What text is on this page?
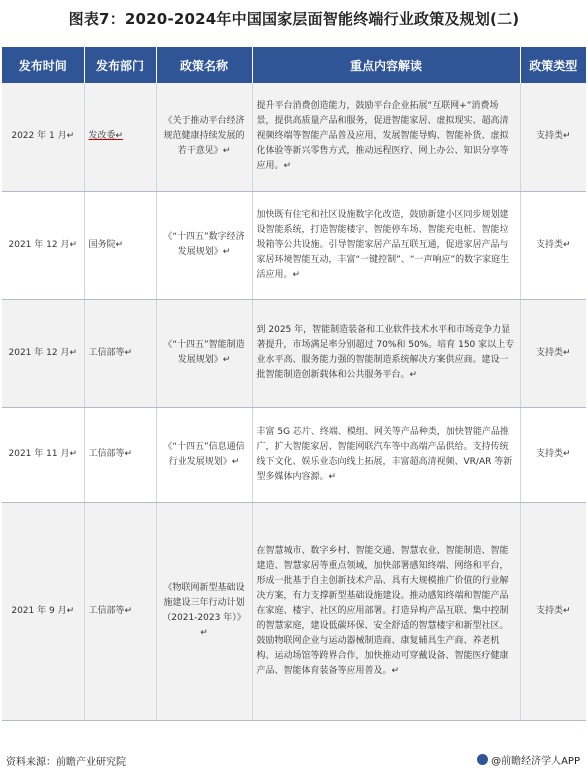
图表7：2020-2024年中国国家层面智能终端行业政策及规划(二)
发布时间	发布部门	政策名称	重点内容解读	政策类型
2022 年 1 月↵	发改委↵	《关于推动平台经济规范健康持续发展的若干意见》↵	提升平台消费创造能力，鼓励平台企业拓展“互联网+”消费场景，提供高质量产品和服务，促进智能家居、虚拟现实、超高清视频终端等智能产品普及应用，发展智能导购、智能补货、虚拟化体验等新兴零售方式，推动远程医疗、网上办公、知识分享等应用。↵	支持类↵
2021 年 12 月↵	国务院↵	《“十四五”数字经济发展规划》↵	加快既有住宅和社区设施数字化改造，鼓励新建小区同步规划建设智能系统，打造智能楼宇、智能停车场、智能充电桩、智能垃圾箱等公共设施。引导智能家居产品互联互通，促进家居产品与家居环境智能互动，丰富“一键控制”、“一声响应”的数字家庭生活应用。↵	支持类↵
2021 年 12 月↵	工信部等↵	《“十四五”智能制造发展规划》↵	到 2025 年，智能制造装备和工业软件技术水平和市场竞争力显著提升，市场满足率分别超过 70%和 50%。培育 150 家以上专业水平高、服务能力强的智能制造系统解决方案供应商。建设一批智能制造创新载体和公共服务平台。↵	支持类↵
2021 年 11 月↵	工信部等↵	《“十四五”信息通信行业发展规划》↵	丰富 5G 芯片、终端、模组、网关等产品种类，加快智能产品推广，扩大智能家居、智能网联汽车等中高端产品供给。支持传统线下文化、娱乐业态向线上拓展，丰富超高清视频、VR/AR 等新型多媒体内容源。↵	支持类↵
2021 年 9 月↵	工信部等↵	《物联网新型基础设施建设三年行动计划（2021-2023 年）》↵	在智慧城市、数字乡村、智能交通、智慧农业、智能制造、智能建造、智慧家居等重点领域，加快部署感知终端、网络和平台，形成一批基于自主创新技术产品、具有大规模推广价值的行业解决方案，有力支撑新型基础设施建设。推动感知终端和智能产品在家庭、楼宇、社区的应用部署。打造异构产品互联、集中控制的智慧家庭，建设低碳环保、安全舒适的智慧楼宇和新型社区。鼓励物联网企业与运动器械制造商、康复辅具生产商、养老机构、运动场馆等跨界合作，加快推动可穿戴设备、智能医疗健康产品、智能体育装备等应用普及。↵	支持类↵
资料来源：前瞻产业研究院	@前瞻经济学人APP
